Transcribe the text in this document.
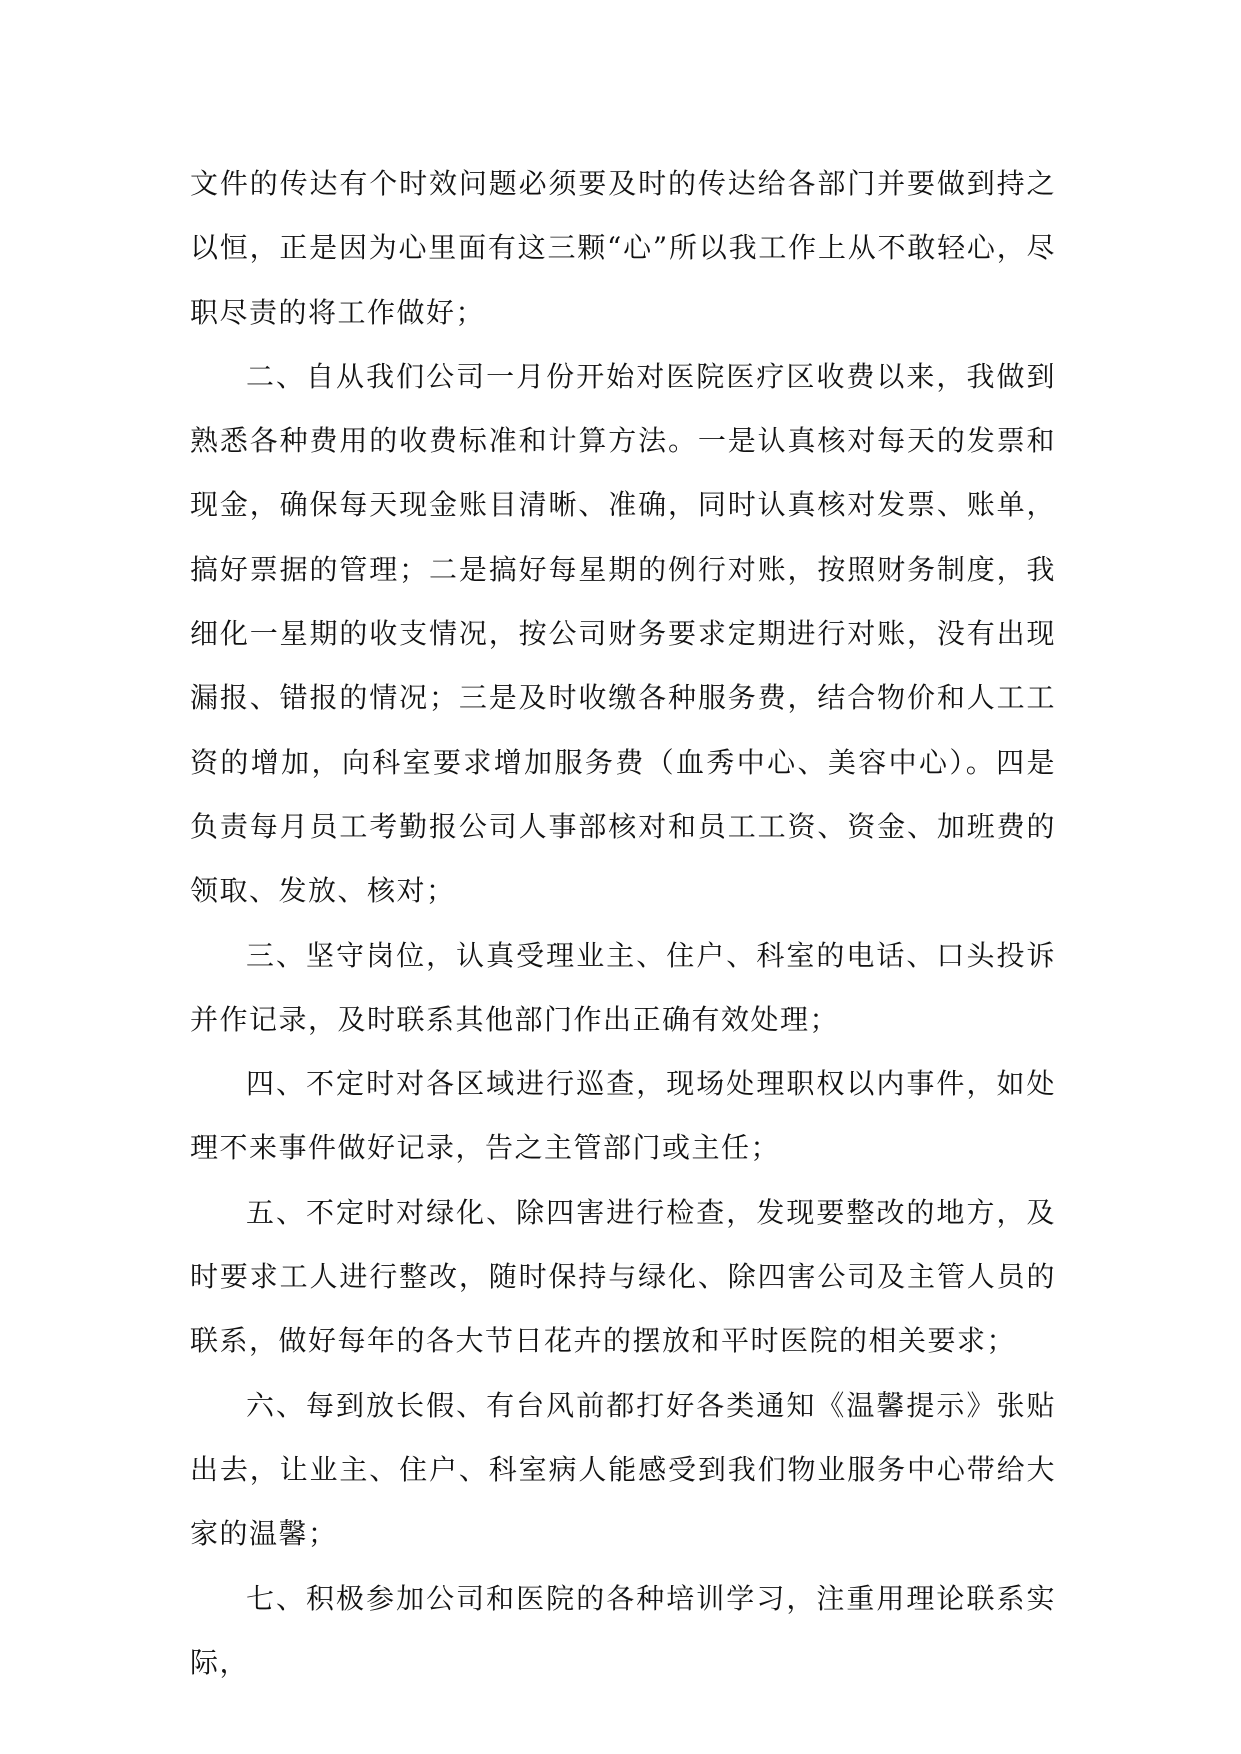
文件的传达有个时效问题必须要及时的传达给各部门并要做到持之以恒，正是因为心里面有这三颗“心”所以我工作上从不敢轻心，尽职尽责的将工作做好；

二、自从我们公司一月份开始对医院医疗区收费以来，我做到熟悉各种费用的收费标准和计算方法。一是认真核对每天的发票和现金，确保每天现金账目清晰、准确，同时认真核对发票、账单，搞好票据的管理；二是搞好每星期的例行对账，按照财务制度，我细化一星期的收支情况，按公司财务要求定期进行对账，没有出现漏报、错报的情况；三是及时收缴各种服务费，结合物价和人工工资的增加，向科室要求增加服务费（血秀中心、美容中心）。四是负责每月员工考勤报公司人事部核对和员工工资、资金、加班费的领取、发放、核对；

三、坚守岗位，认真受理业主、住户、科室的电话、口头投诉并作记录，及时联系其他部门作出正确有效处理；

四、不定时对各区域进行巡查，现场处理职权以内事件，如处理不来事件做好记录，告之主管部门或主任；

五、不定时对绿化、除四害进行检查，发现要整改的地方，及时要求工人进行整改，随时保持与绿化、除四害公司及主管人员的联系，做好每年的各大节日花卉的摆放和平时医院的相关要求；

六、每到放长假、有台风前都打好各类通知《温馨提示》张贴出去，让业主、住户、科室病人能感受到我们物业服务中心带给大家的温馨；

七、积极参加公司和医院的各种培训学习，注重用理论联系实际，
